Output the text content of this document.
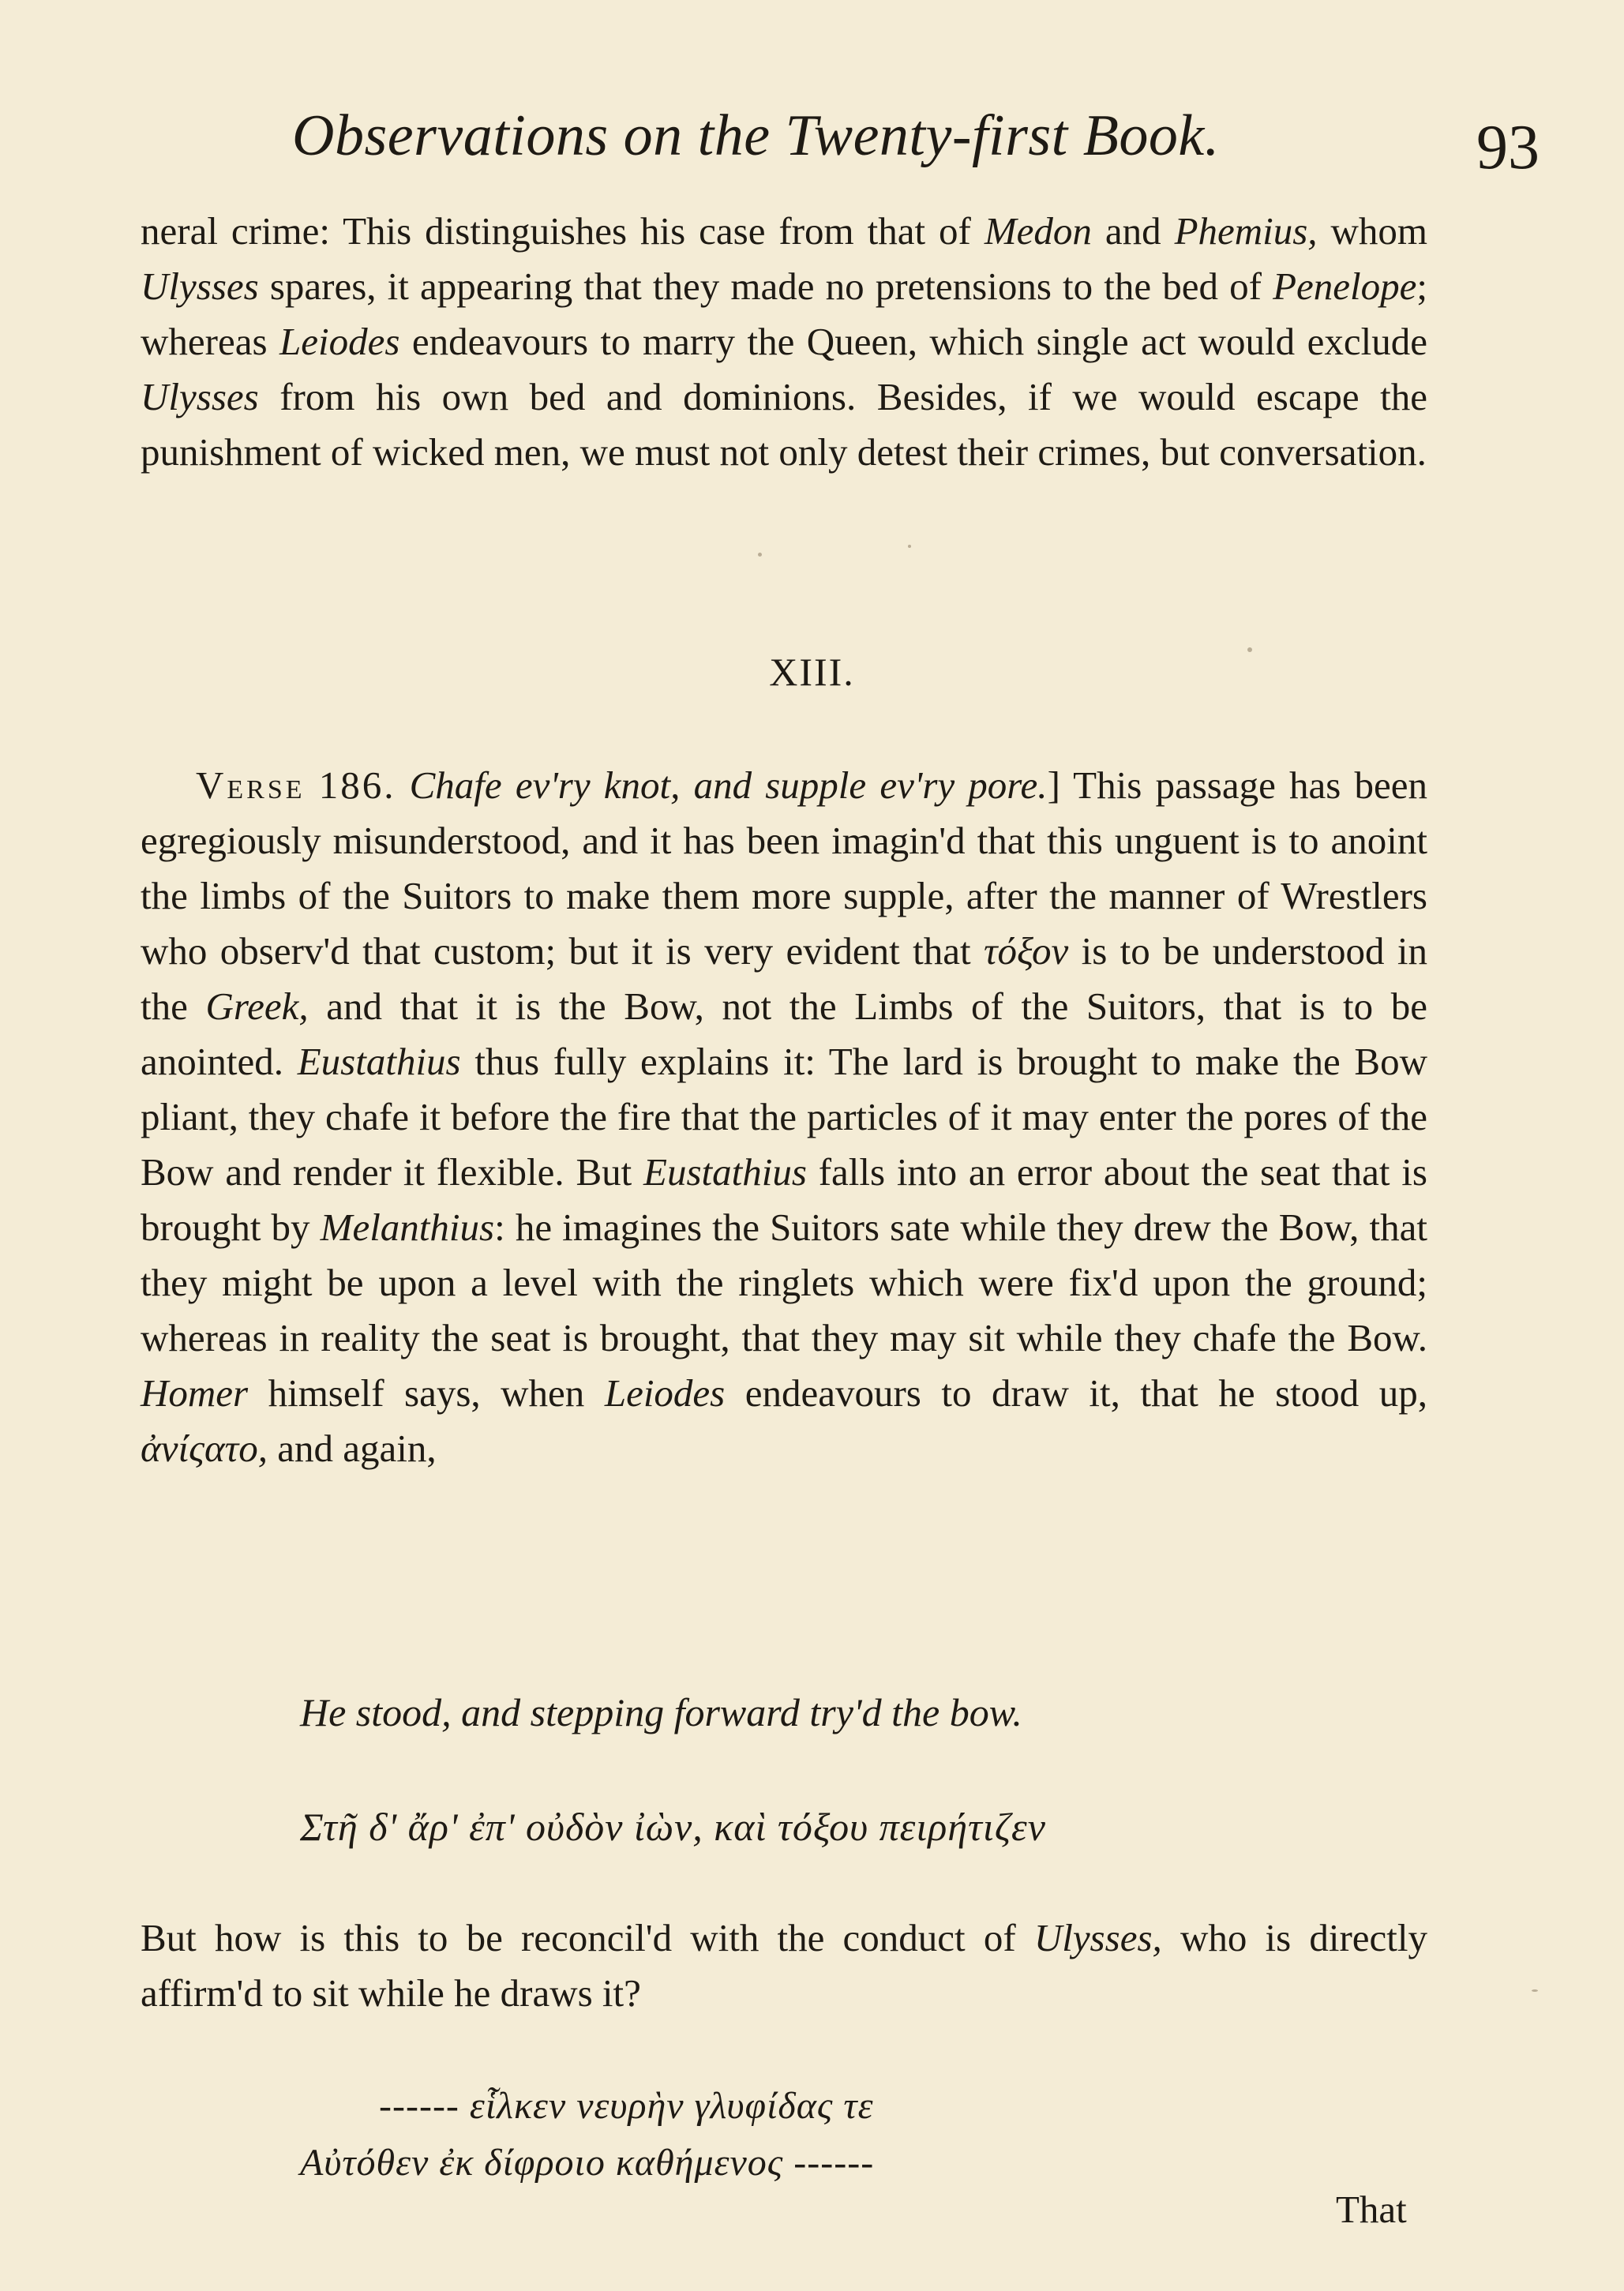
Observations on the Twenty-first Book.	93
neral crime: This distinguishes his case from that of Medon and Phemius, whom Ulysses spares, it appearing that they made no pretensions to the bed of Penelope; whereas Leiodes endeavours to marry the Queen, which single act would exclude Ulysses from his own bed and dominions. Besides, if we would escape the punishment of wicked men, we must not only detest their crimes, but conversation.
XIII.
Verse 186. Chafe ev'ry knot, and supple ev'ry pore.] This passage has been egregiously misunderstood, and it has been imagin'd that this unguent is to anoint the limbs of the Suitors to make them more supple, after the manner of Wrestlers who observ'd that custom; but it is very evident that τόξον is to be understood in the Greek, and that it is the Bow, not the Limbs of the Suitors, that is to be anointed. Eustathius thus fully explains it: The lard is brought to make the Bow pliant, they chafe it before the fire that the particles of it may enter the pores of the Bow and render it flexible. But Eustathius falls into an error about the seat that is brought by Melanthius: he imagines the Suitors sate while they drew the Bow, that they might be upon a level with the ringlets which were fix'd upon the ground; whereas in reality the seat is brought, that they may sit while they chafe the Bow. Homer himself says, when Leiodes endeavours to draw it, that he stood up, ἀνίςατο, and again,
He stood, and stepping forward try'd the bow.
Στῆ δ' ἄρ' ἐπ' οὐδὸν ἰὼν, καὶ τόξου πειρήτιζεν
But how is this to be reconcil'd with the conduct of Ulysses, who is directly affirm'd to sit while he draws it?
------ εἷλκεν νευρὴν γλυφίδας τε
Αὐτόθεν ἐκ δίφροιο καθήμενος ------
That
